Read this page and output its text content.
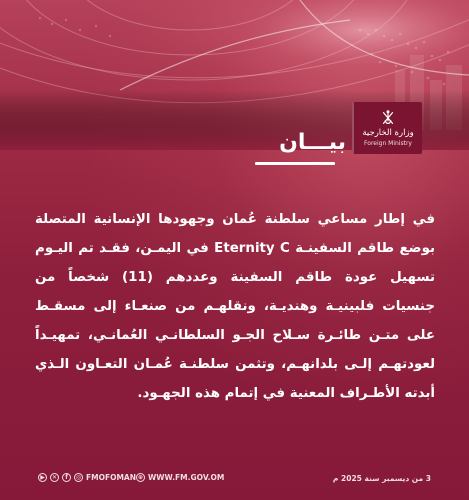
وزارة الخارجية
Foreign Ministry
بيـــان
في إطار مساعي سلطنة عُمان وجهودها الإنسانية المتصلة بوضع طاقم السفينـة Eternity C في اليمـن، فقـد تم اليـوم تسهيل عودة طاقم السفينة وعددهم (11) شخصاً من جنسيات فلبينيـة وهنديـة، ونقلهـم من صنعـاء إلى مسقـط على متـن طائـرة سـلاح الجـو السلطانـي العُمانـي، تمهيـداً لعودتهـم إلـى بلدانهـم، وتثمن سلطنـة عُمـان التعـاون الـذي أبدته الأطـراف المعنية في إتمام هذه الجهـود.
▶	✕	f	◎ FMOFOMAN ⊕ WWW.FM.GOV.OM	3 من ديسمبر سنة 2025 م
